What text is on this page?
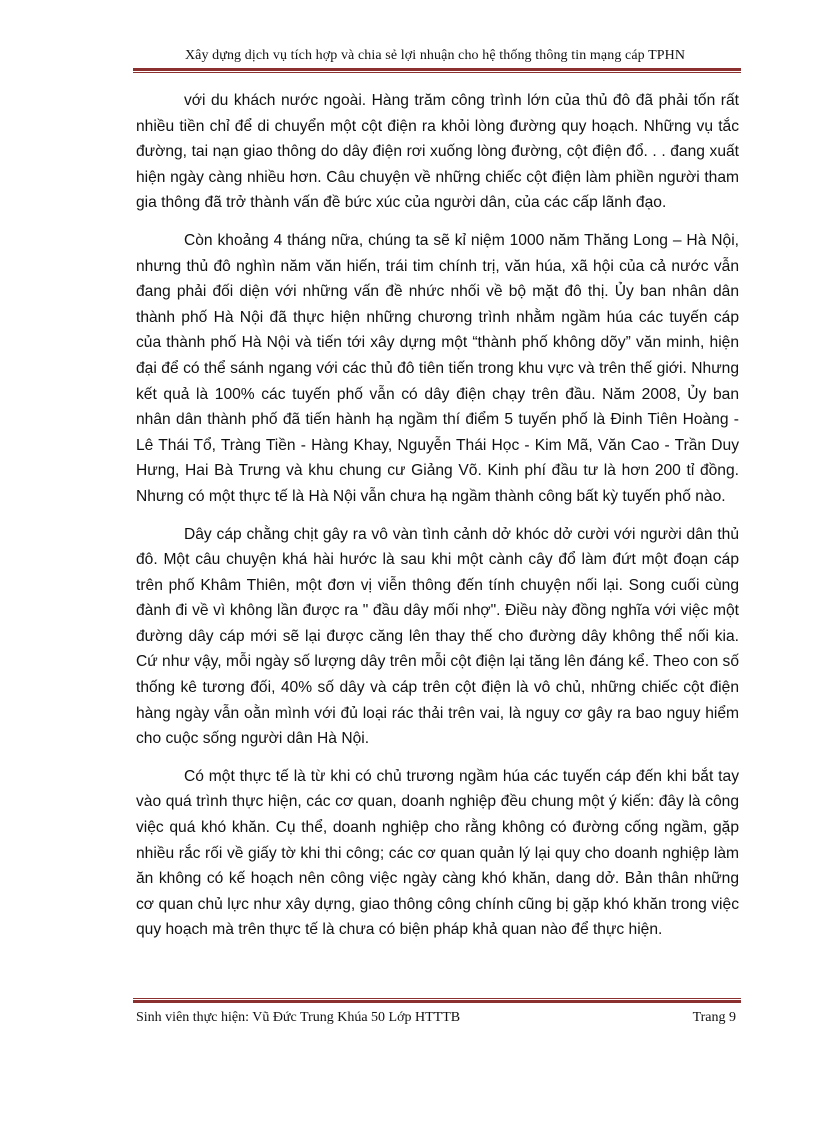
Xây dựng dịch vụ tích hợp và chia sẻ lợi nhuận cho hệ thống thông tin mạng cáp TPHN

với du khách nước ngoài. Hàng trăm công trình lớn của thủ đô đã phải tốn rất nhiều tiền chỉ để di chuyển một cột điện ra khỏi lòng đường quy hoạch. Những vụ tắc đường, tai nạn giao thông do dây điện rơi xuống lòng đường, cột điện đổ. . . đang xuất hiện ngày càng nhiều hơn. Câu chuyện về những chiếc cột điện làm phiền người tham gia thông đã trở thành vấn đề bức xúc của người dân, của các cấp lãnh đạo.

Còn khoảng 4 tháng nữa, chúng ta sẽ kỉ niệm 1000 năm Thăng Long – Hà Nội, nhưng thủ đô nghìn năm văn hiến, trái tim chính trị, văn húa, xã hội của cả nước vẫn đang phải đối diện với những vấn đề nhức nhối về bộ mặt đô thị. Ủy ban nhân dân thành phố Hà Nội đã thực hiện những chương trình nhằm ngầm húa các tuyến cáp của thành phố Hà Nội và tiến tới xây dựng một “thành phố không dõy” văn minh, hiện đại để có thể sánh ngang với các thủ đô tiên tiến trong khu vực và trên thế giới. Nhưng kết quả là 100% các tuyến phố vẫn có dây điện chạy trên đầu. Năm 2008, Ủy ban nhân dân thành phố đã tiến hành hạ ngầm thí điểm 5 tuyến phố là Đinh Tiên Hoàng - Lê Thái Tổ, Tràng Tiền - Hàng Khay, Nguyễn Thái Học - Kim Mã, Văn Cao - Trần Duy Hưng, Hai Bà Trưng và khu chung cư Giảng Võ. Kinh phí đầu tư là hơn 200 tỉ đồng. Nhưng có một thực tế là Hà Nội vẫn chưa hạ ngầm thành công bất kỳ tuyến phố nào.

Dây cáp chằng chịt gây ra vô vàn tình cảnh dở khóc dở cười với người dân thủ đô. Một câu chuyện khá hài hước là sau khi một cành cây đổ làm đứt một đoạn cáp trên phố Khâm Thiên, một đơn vị viễn thông đến tính chuyện nối lại. Song cuối cùng đành đi về vì không lần được ra " đầu dây mối nhợ". Điều này đồng nghĩa với việc một đường dây cáp mới sẽ lại được căng lên thay thế cho đường dây không thể nối kia. Cứ như vậy, mỗi ngày số lượng dây trên mỗi cột điện lại tăng lên đáng kể. Theo con số thống kê tương đối, 40% số dây và cáp trên cột điện là vô chủ, những chiếc cột điện hàng ngày vẫn oằn mình với đủ loại rác thải trên vai, là nguy cơ gây ra bao nguy hiểm cho cuộc sống người dân Hà Nội.

Có một thực tế là từ khi có chủ trương ngầm húa các tuyến cáp đến khi bắt tay vào quá trình thực hiện, các cơ quan, doanh nghiệp đều chung một ý kiến: đây là công việc quá khó khăn. Cụ thể, doanh nghiệp cho rằng không có đường cống ngầm, gặp nhiều rắc rối về giấy tờ khi thi công; các cơ quan quản lý lại quy cho doanh nghiệp làm ăn không có kế hoạch nên công việc ngày càng khó khăn, dang dở. Bản thân những cơ quan chủ lực như xây dựng, giao thông công chính cũng bị gặp khó khăn trong việc quy hoạch mà trên thực tế là chưa có biện pháp khả quan nào để thực hiện.

Sinh viên thực hiện: Vũ Đức Trung Khúa 50 Lớp HTTTB	Trang 9
